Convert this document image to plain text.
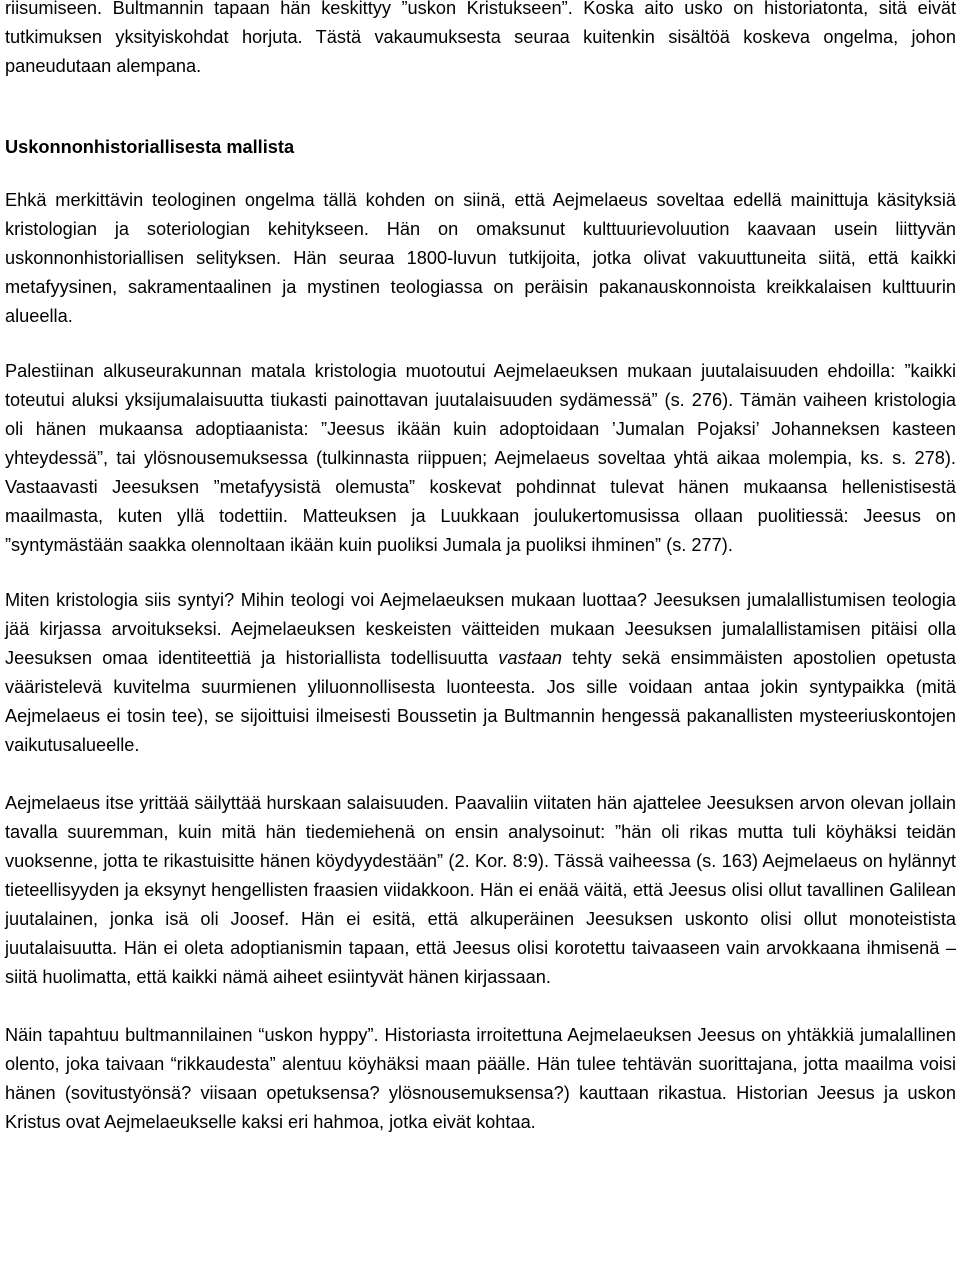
riisumiseen. Bultmannin tapaan hän keskittyy ”uskon Kristukseen”. Koska aito usko on historiatonta, sitä eivät tutkimuksen yksityiskohdat horjuta. Tästä vakaumuksesta seuraa kuitenkin sisältöä koskeva ongelma, johon paneudutaan alempana.

Uskonnonhistoriallisesta mallista

Ehkä merkittävin teologinen ongelma tällä kohden on siinä, että Aejmelaeus soveltaa edellä mainittuja käsityksiä kristologian ja soteriologian kehitykseen. Hän on omaksunut kulttuurievoluution kaavaan usein liittyvän uskonnonhistoriallisen selityksen. Hän seuraa 1800-luvun tutkijoita, jotka olivat vakuuttuneita siitä, että kaikki metafyysinen, sakramentaalinen ja mystinen teologiassa on peräisin pakanauskonnoista kreikkalaisen kulttuurin alueella.

Palestiinan alkuseurakunnan matala kristologia muotoutui Aejmelaeuksen mukaan juutalaisuuden ehdoilla: ”kaikki toteutui aluksi yksijumalaisuutta tiukasti painottavan juutalaisuuden sydämessä” (s. 276). Tämän vaiheen kristologia oli hänen mukaansa adoptiaanista: ”Jeesus ikään kuin adoptoidaan ’Jumalan Pojaksi’ Johanneksen kasteen yhteydessä”, tai ylösnousemuksessa (tulkinnasta riippuen; Aejmelaeus soveltaa yhtä aikaa molempia, ks. s. 278). Vastaavasti Jeesuksen ”metafyysistä olemusta” koskevat pohdinnat tulevat hänen mukaansa hellenistisestä maailmasta, kuten yllä todettiin. Matteuksen ja Luukkaan joulukertomusissa ollaan puolitiessä: Jeesus on ”syntymästään saakka olennoltaan ikään kuin puoliksi Jumala ja puoliksi ihminen” (s. 277).

Miten kristologia siis syntyi? Mihin teologi voi Aejmelaeuksen mukaan luottaa? Jeesuksen jumalallistumisen teologia jää kirjassa arvoitukseksi. Aejmelaeuksen keskeisten väitteiden mukaan Jeesuksen jumalallistamisen pitäisi olla Jeesuksen omaa identiteettiä ja historiallista todellisuutta vastaan tehty sekä ensimmäisten apostolien opetusta vääristelevä kuvitelma suurmienen yliluonnollisesta luonteesta. Jos sille voidaan antaa jokin syntypaikka (mitä Aejmelaeus ei tosin tee), se sijoittuisi ilmeisesti Boussetin ja Bultmannin hengessä pakanallisten mysteeriuskontojen vaikutusalueelle.

Aejmelaeus itse yrittää säilyttää hurskaan salaisuuden. Paavaliin viitaten hän ajattelee Jeesuksen arvon olevan jollain tavalla suuremman, kuin mitä hän tiedemiehenä on ensin analysoinut: ”hän oli rikas mutta tuli köyhäksi teidän vuoksenne, jotta te rikastuisitte hänen köydyydestään” (2. Kor. 8:9). Tässä vaiheessa (s. 163) Aejmelaeus on hylännyt tieteellisyyden ja eksynyt hengellisten fraasien viidakkoon. Hän ei enää väitä, että Jeesus olisi ollut tavallinen Galilean juutalainen, jonka isä oli Joosef. Hän ei esitä, että alkuperäinen Jeesuksen uskonto olisi ollut monoteistista juutalaisuutta. Hän ei oleta adoptianismin tapaan, että Jeesus olisi korotettu taivaaseen vain arvokkaana ihmisenä – siitä huolimatta, että kaikki nämä aiheet esiintyvät hänen kirjassaan.

Näin tapahtuu bultmannilainen “uskon hyppy”. Historiasta irroitettuna Aejmelaeuksen Jeesus on yhtäkkiä jumalallinen olento, joka taivaan “rikkaudesta” alentuu köyhäksi maan päälle. Hän tulee tehtävän suorittajana, jotta maailma voisi hänen (sovitustyönsä? viisaan opetuksensa? ylösnousemuksensa?) kauttaan rikastua. Historian Jeesus ja uskon Kristus ovat Aejmelaeukselle kaksi eri hahmoa, jotka eivät kohtaa.
